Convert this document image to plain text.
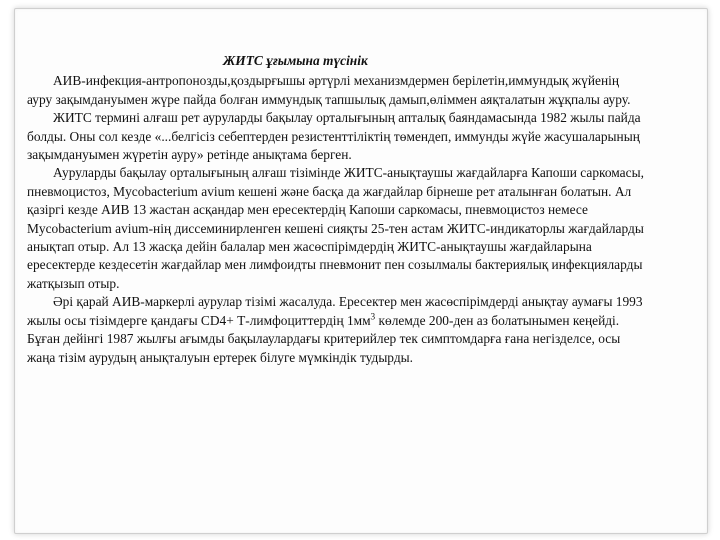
ЖИТС ұғымына түсінік

АИВ-инфекция-антропонозды,қоздырғышы әртүрлі механизмдермен берілетін,иммундық жүйенің ауру зақымдануымен жүре пайда болған иммундық тапшылық дамып,өліммен аяқталатын жұқпалы ауру.

ЖИТС термині алғаш рет ауруларды бақылау орталығының апталық баяндамасында 1982 жылы пайда болды. Оны сол кезде «...белгісіз себептерден резистенттіліктің төмендеп, иммунды жүйе жасушаларының зақымдануымен жүретін ауру» ретінде анықтама берген.

Ауруларды бақылау орталығының алғаш тізімінде ЖИТС-анықтаушы жағдайларға Капоши саркомасы, пневмоцистоз, Mycobacterium avium кешені және басқа да жағдайлар бірнеше рет аталынған болатын. Ал қазіргі кезде АИВ 13 жастан асқандар мен ересектердің Капоши саркомасы, пневмоцистоз немесе Mycobacterium avium-нің диссеминирленген кешені сияқты 25-тен астам ЖИТС-индикаторлы жағдайларды анықтап отыр. Ал 13 жасқа дейін балалар мен жасөспірімдердің ЖИТС-анықтаушы жағдайларына ересектерде кездесетін жағдайлар мен лимфоидты пневмонит пен созылмалы бактериялық инфекцияларды жатқызып отыр.

Әрі қарай АИВ-маркерлі аурулар тізімі жасалуда. Ересектер мен жасөспірімдерді анықтау аумағы 1993 жылы осы тізімдерге қандағы CD4+ Т-лимфоциттердің $1мм^3$ көлемде 200-ден аз болатынымен кеңейді. Бұған дейінгі 1987 жылғы ағымды бақылаулардағы критерийлер тек симптомдарға ғана негізделсе, осы жаңа тізім аурудың анықталуын ертерек білуге мүмкіндік тудырды.
